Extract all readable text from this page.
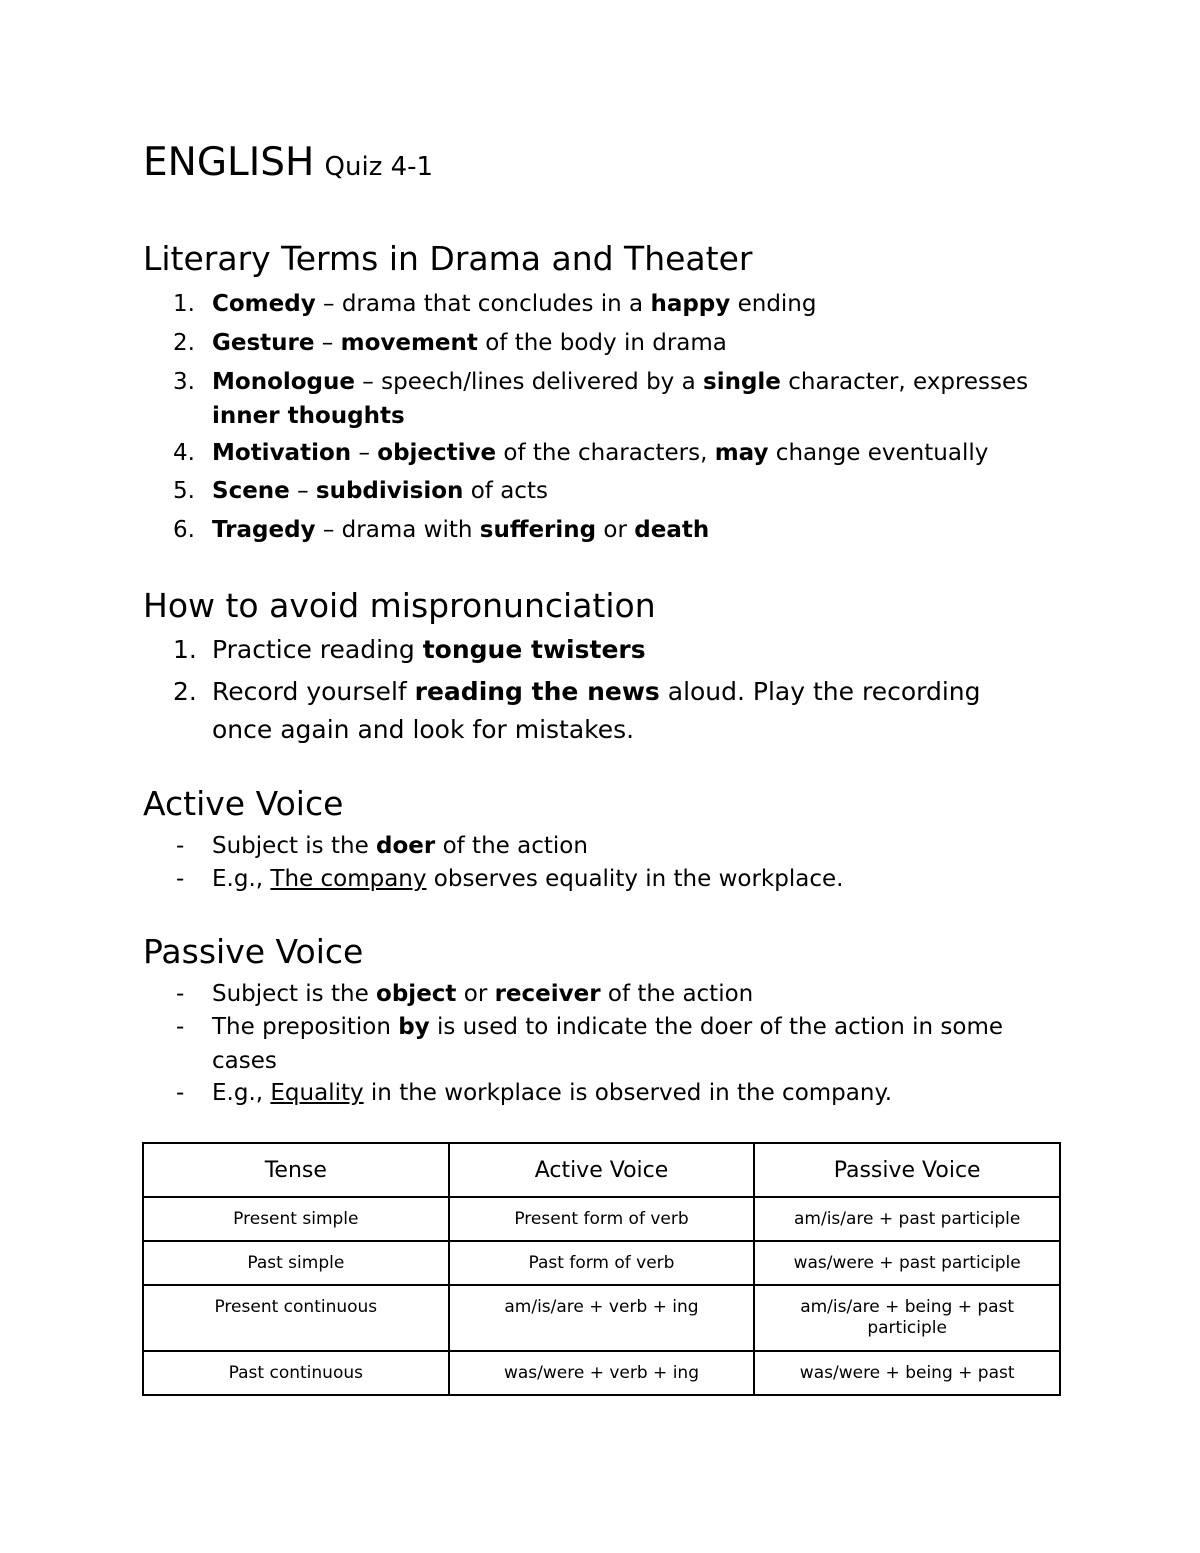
ENGLISH Quiz 4-1
Literary Terms in Drama and Theater

1. Comedy – drama that concludes in a happy ending

2. Gesture – movement of the body in drama

3. Monologue – speech/lines delivered by a single character, expresses
inner thoughts

4. Motivation – objective of the characters, may change eventually

5. Scene – subdivision of acts

6. Tragedy – drama with suffering or death

How to avoid mispronunciation

1. Practice reading tongue twisters

2. Record yourself reading the news aloud. Play the recording
once again and look for mistakes.

Active Voice

- Subject is the doer of the action

- E.g., The company observes equality in the workplace.

Passive Voice

- Subject is the object or receiver of the action

- The preposition by is used to indicate the doer of the action in some
cases

- E.g., Equality in the workplace is observed in the company.

Tense	Active Voice	Passive Voice
Present simple	Present form of verb	am/is/are + past participle
Past simple	Past form of verb	was/were + past participle
Present continuous	am/is/are + verb + ing	am/is/are + being + past participle
Past continuous	was/were + verb + ing	was/were + being + past
